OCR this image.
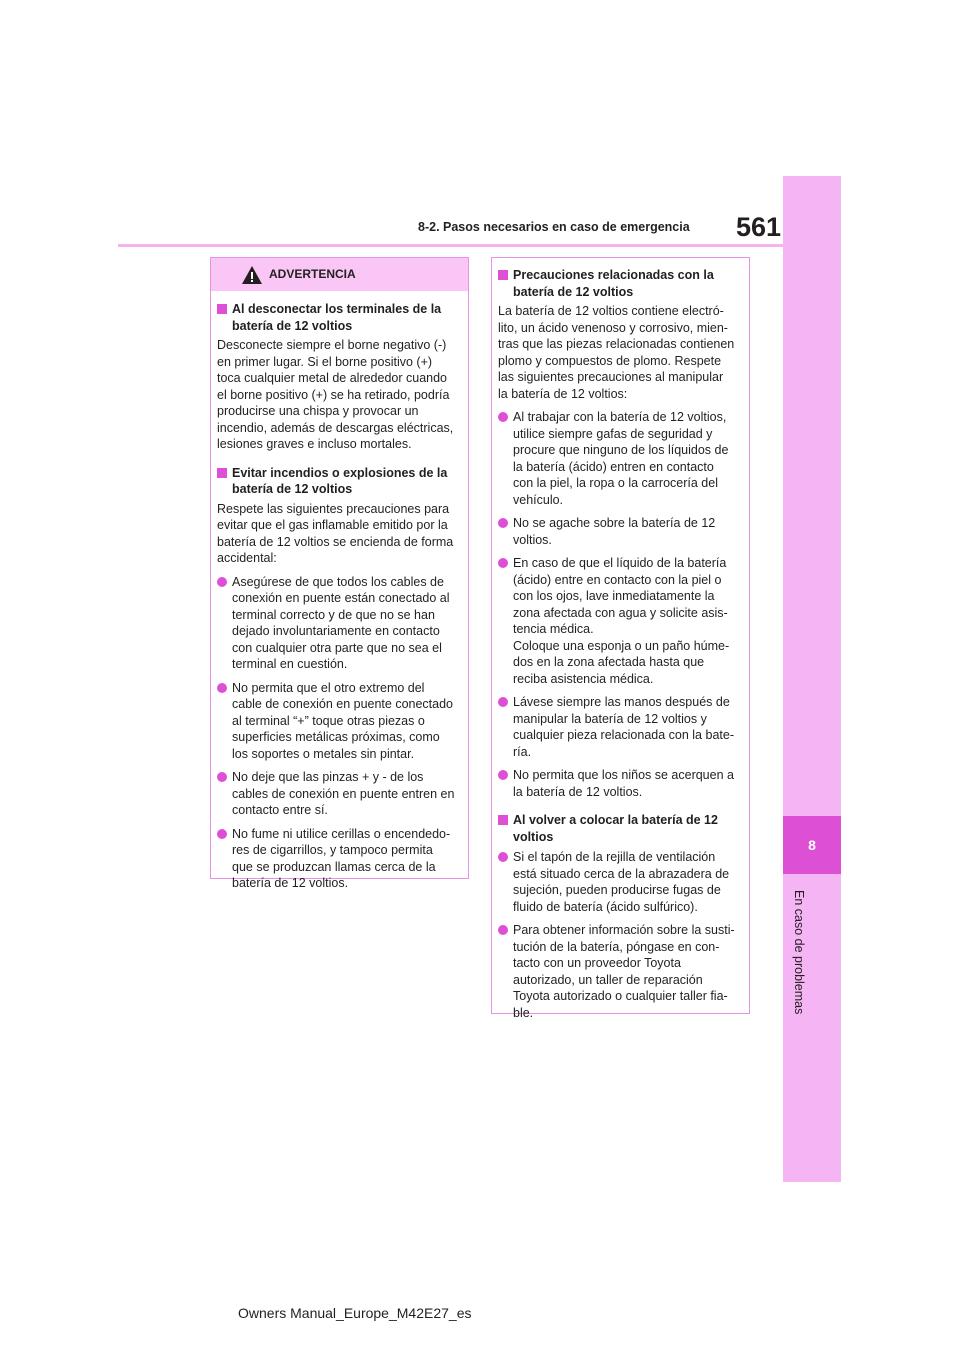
8
En caso de problemas
8-2. Pasos necesarios en caso de emergencia 561
ADVERTENCIA
Al desconectar los terminales de la
batería de 12 voltios
Desconecte siempre el borne negativo (-)
en primer lugar. Si el borne positivo (+)
toca cualquier metal de alrededor cuando
el borne positivo (+) se ha retirado, podría
producirse una chispa y provocar un
incendio, además de descargas eléctricas,
lesiones graves e incluso mortales.
Evitar incendios o explosiones de la
batería de 12 voltios
Respete las siguientes precauciones para
evitar que el gas inflamable emitido por la
batería de 12 voltios se encienda de forma
accidental:
Asegúrese de que todos los cables de
conexión en puente están conectado al
terminal correcto y de que no se han
dejado involuntariamente en contacto
con cualquier otra parte que no sea el
terminal en cuestión.
No permita que el otro extremo del
cable de conexión en puente conectado
al terminal “+” toque otras piezas o
superficies metálicas próximas, como
los soportes o metales sin pintar.
No deje que las pinzas + y - de los
cables de conexión en puente entren en
contacto entre sí.
No fume ni utilice cerillas o encendedo-
res de cigarrillos, y tampoco permita
que se produzcan llamas cerca de la
batería de 12 voltios.
Precauciones relacionadas con la
batería de 12 voltios
La batería de 12 voltios contiene electró-
lito, un ácido venenoso y corrosivo, mien-
tras que las piezas relacionadas contienen
plomo y compuestos de plomo. Respete
las siguientes precauciones al manipular
la batería de 12 voltios:
Al trabajar con la batería de 12 voltios,
utilice siempre gafas de seguridad y
procure que ninguno de los líquidos de
la batería (ácido) entren en contacto
con la piel, la ropa o la carrocería del
vehículo.
No se agache sobre la batería de 12
voltios.
En caso de que el líquido de la batería
(ácido) entre en contacto con la piel o
con los ojos, lave inmediatamente la
zona afectada con agua y solicite asis-
tencia médica.
Coloque una esponja o un paño húme-
dos en la zona afectada hasta que
reciba asistencia médica.
Lávese siempre las manos después de
manipular la batería de 12 voltios y
cualquier pieza relacionada con la bate-
ría.
No permita que los niños se acerquen a
la batería de 12 voltios.
Al volver a colocar la batería de 12
voltios
Si el tapón de la rejilla de ventilación
está situado cerca de la abrazadera de
sujeción, pueden producirse fugas de
fluido de batería (ácido sulfúrico).
Para obtener información sobre la susti-
tución de la batería, póngase en con-
tacto con un proveedor Toyota
autorizado, un taller de reparación
Toyota autorizado o cualquier taller fia-
ble.
Owners Manual_Europe_M42E27_es
